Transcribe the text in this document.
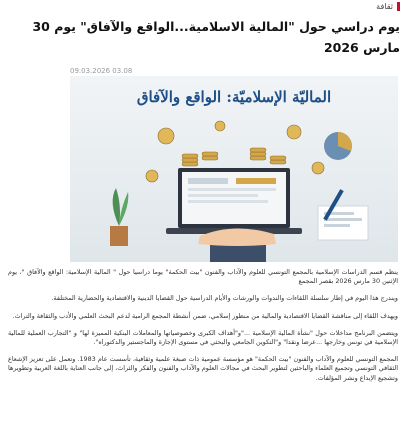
ثقافة
يوم دراسي حول "المالية الاسلامية...الواقع والآفاق" يوم 30 مارس 2026
09.03.2026 03.08
الماليّة الإسلاميّة: الواقع والآفاق

ينظم قسم الدراسات الإسلامية بالمجمع التونسي للعلوم والآداب والفنون "بيت الحكمة" يوما دراسيا حول " المالية الإسلامية: الواقع والآفاق "، يوم الإثنين 30 مارس 2026 بقصر المجمع

ويندرج هذا اليوم في إطار سلسلة اللقاءات والندوات والورشات والأيام الدراسية حول القضايا الدينية والاقتصادية والحضارية المختلفة.

ويهدف اللقاء إلى مناقشة القضايا الاقتصادية والمالية من منظور إسلامي، ضمن أنشطة المجمع الرامية لدعم البحث العلمي والأدب والثقافة والتراث.

ويتضمن البرنامج مداخلات حول "نشأة المالية الإسلامية ..."و"أهداف الكبرى وخصوصياتها والمعاملات البنكية المميزة لها" و "التجارب العملية للمالية الإسلامية في تونس وخارجها ...عرضا ونقدا" و"التكوين الجامعي والبحثي في مستوى الإجازة والماجستير والدكتوراه".

المجمع التونسي للعلوم والآداب والفنون "بيت الحكمة" هو مؤسسة عمومية ذات صبغة علمية وثقافية، تأسست عام 1983. وتعمل على تعزيز الإشعاع الثقافي التونسي وتجميع العلماء والباحثين لتطوير البحث في مجالات العلوم والآداب والفنون والفكر والثراث، إلى جانب العناية باللغة العربية وتطويرها وتشجيع الإبداع ونشر المؤلفات.
